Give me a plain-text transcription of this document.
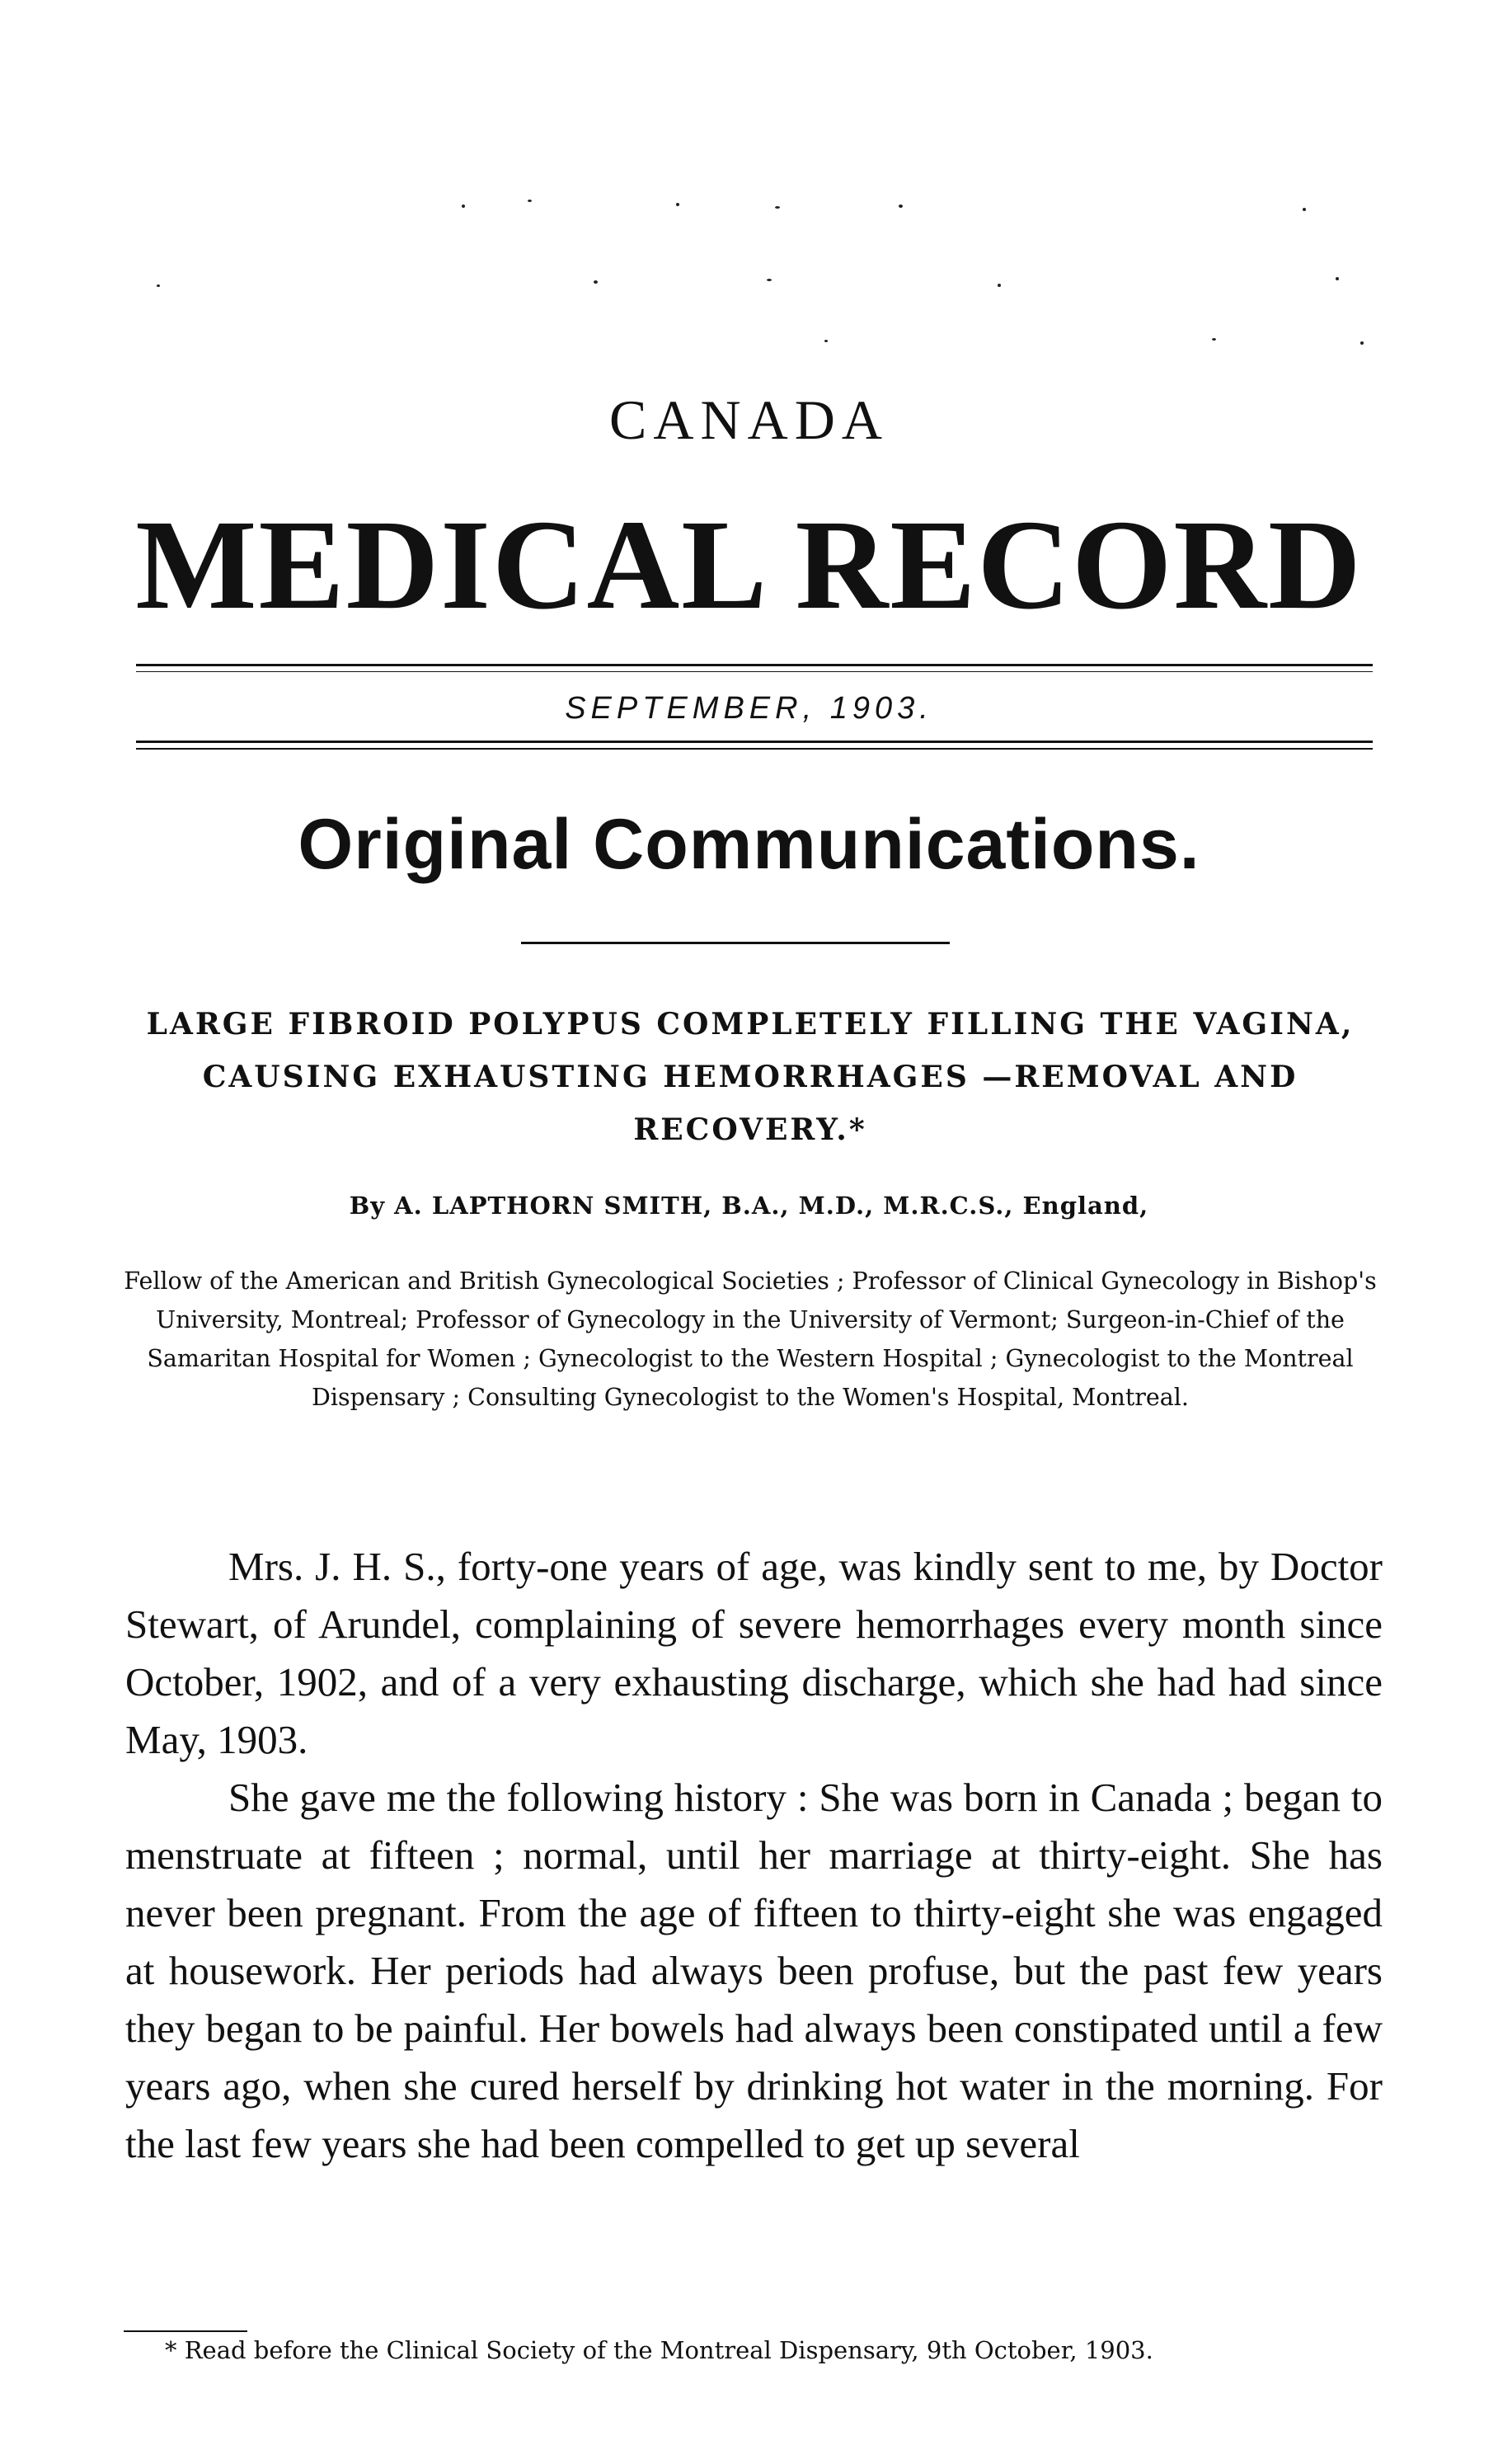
CANADA
MEDICAL RECORD
SEPTEMBER, 1903.
Original Communications.
LARGE FIBROID POLYPUS COMPLETELY FILLING THE VAGINA, CAUSING EXHAUSTING HEMORRHAGES —REMOVAL AND RECOVERY.*
By A. LAPTHORN SMITH, B.A., M.D., M.R.C.S., England,
Fellow of the American and British Gynecological Societies ; Professor of Clinical Gynecology in Bishop's University, Montreal; Professor of Gynecology in the University of Vermont; Surgeon-in-Chief of the Samaritan Hospital for Women ; Gynecologist to the Western Hospital ; Gynecologist to the Montreal Dispensary ; Consulting Gynecologist to the Women's Hospital, Montreal.

Mrs. J. H. S., forty-one years of age, was kindly sent to me, by Doctor Stewart, of Arundel, complaining of severe hemorrhages every month since October, 1902, and of a very exhausting discharge, which she had had since May, 1903.

She gave me the following history : She was born in Canada ; began to menstruate at fifteen ; normal, until her marriage at thirty-eight. She has never been pregnant. From the age of fifteen to thirty-eight she was engaged at housework. Her periods had always been profuse, but the past few years they began to be painful. Her bowels had always been constipated until a few years ago, when she cured herself by drinking hot water in the morning. For the last few years she had been compelled to get up several

* Read before the Clinical Society of the Montreal Dispensary, 9th October, 1903.
